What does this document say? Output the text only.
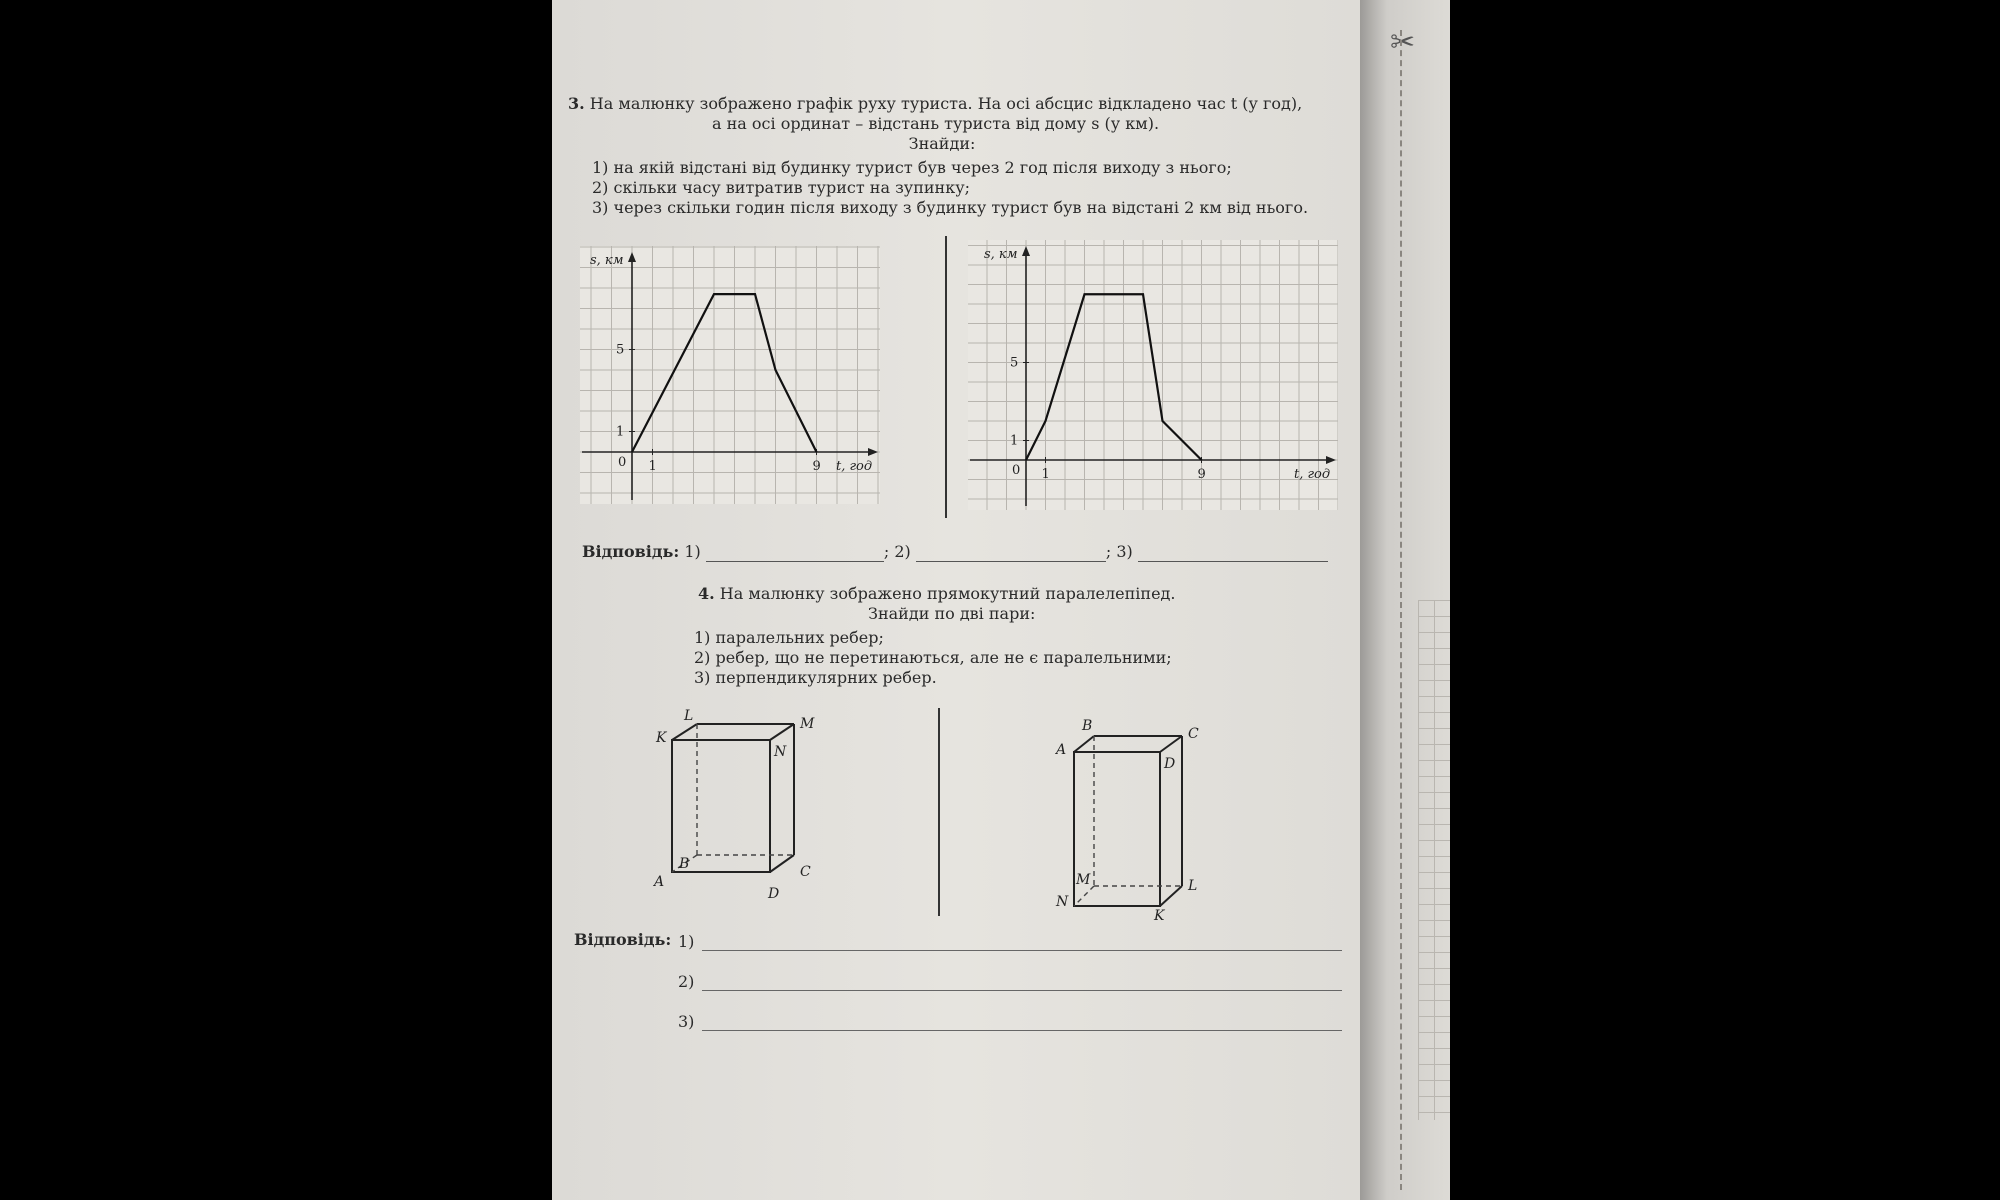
3. На малюнку зображено графік руху туриста. На осі абсцис відкладено час t (у год),
а на осі ординат – відстань туриста від дому s (у км).
Знайди:
1) на якій відстані від будинку турист був через 2 год після виходу з нього;
2) скільки часу витратив турист на зупинку;
3) через скільки годин після виходу з будинку турист був на відстані 2 км від нього.
0 1	9
1
5
t, год
s, км
0 1	9
1
5
t, год
s, км
Відповідь: 1)	; 2)	; 3)
4. На малюнку зображено прямокутний паралелепіпед.
Знайди по дві пари:
1) паралельних ребер;
2) ребер, що не перетинаються, але не є паралельними;
3) перпендикулярних ребер.
K
L	M
N
A
B	C
D
A
B	C
D
M
N
K
L
Відповідь: 1)
2)
3)
✂
